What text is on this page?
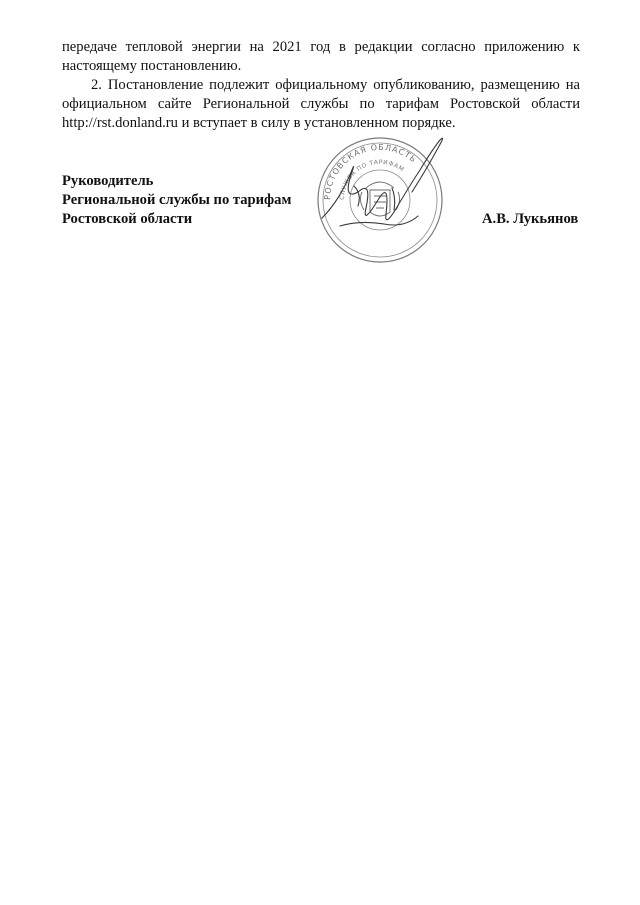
передаче тепловой энергии на 2021 год в редакции согласно приложению к настоящему постановлению.

2. Постановление подлежит официальному опубликованию, размещению на официальном сайте Региональной службы по тарифам Ростовской области http://rst.donland.ru и вступает в силу в установленном порядке.

Руководитель
Региональной службы по тарифам
Ростовской области	А.В. Лукьянов
РОСТОВСКАЯ ОБЛАСТЬ
СЛУЖБА ПО ТАРИФАМ
